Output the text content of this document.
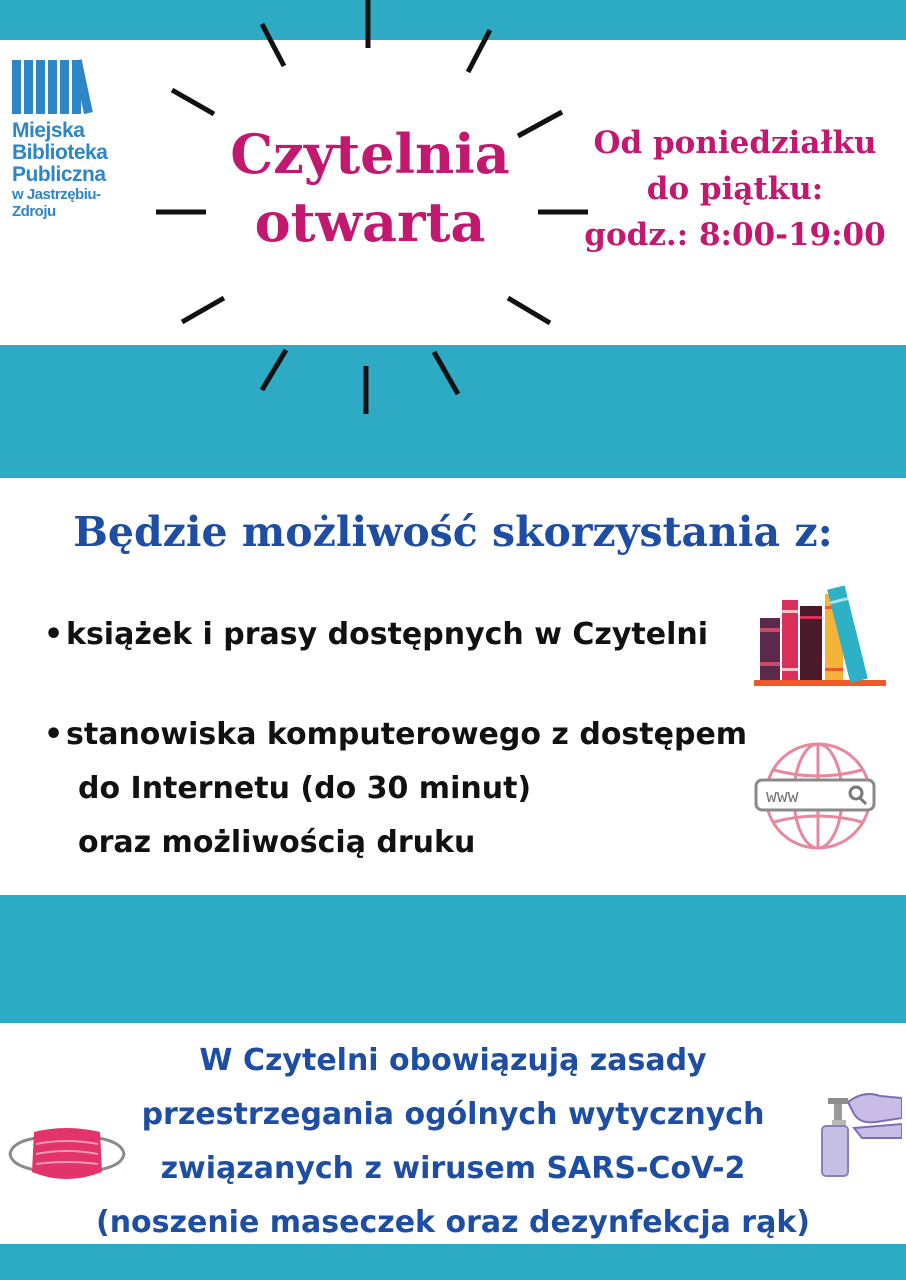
Miejska
Biblioteka
Publiczna
w Jastrzębiu-
Zdroju
Czytelnia
otwarta
Od poniedziałku
do piątku:
godz.: 8:00-19:00
Będzie możliwość skorzystania z:
•książek i prasy dostępnych w Czytelni
•stanowiska komputerowego z dostępem
do Internetu (do 30 minut)
oraz możliwością druku
www
W Czytelni obowiązują zasady
przestrzegania ogólnych wytycznych
związanych z wirusem SARS-CoV-2
(noszenie maseczek oraz dezynfekcja rąk)
